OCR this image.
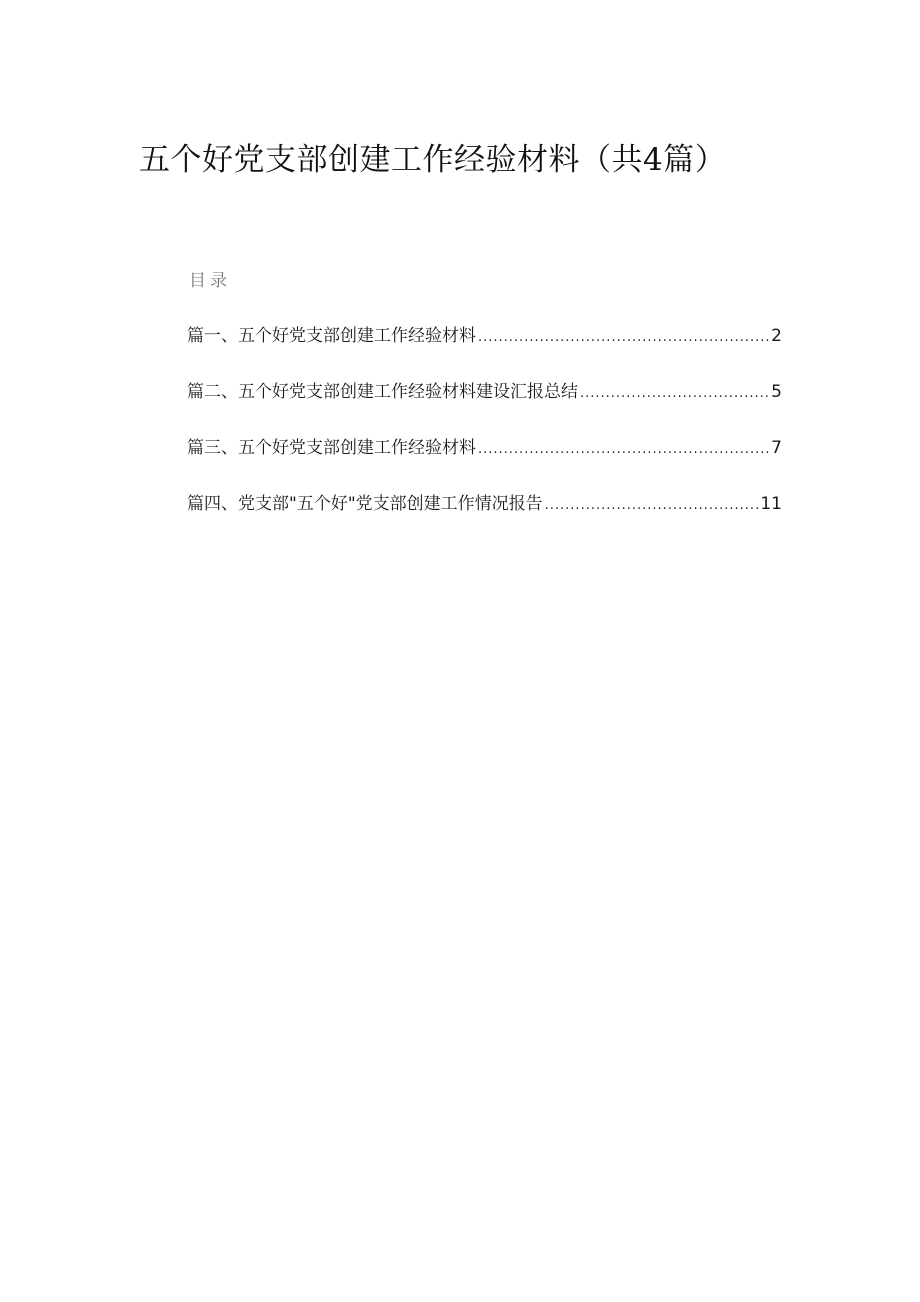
五个好党支部创建工作经验材料（共4篇）
目录
篇一、五个好党支部创建工作经验材料 .....	2
篇二、五个好党支部创建工作经验材料建设汇报总结 .....	5
篇三、五个好党支部创建工作经验材料 .....	7
篇四、党支部"五个好"党支部创建工作情况报告 .....	11
